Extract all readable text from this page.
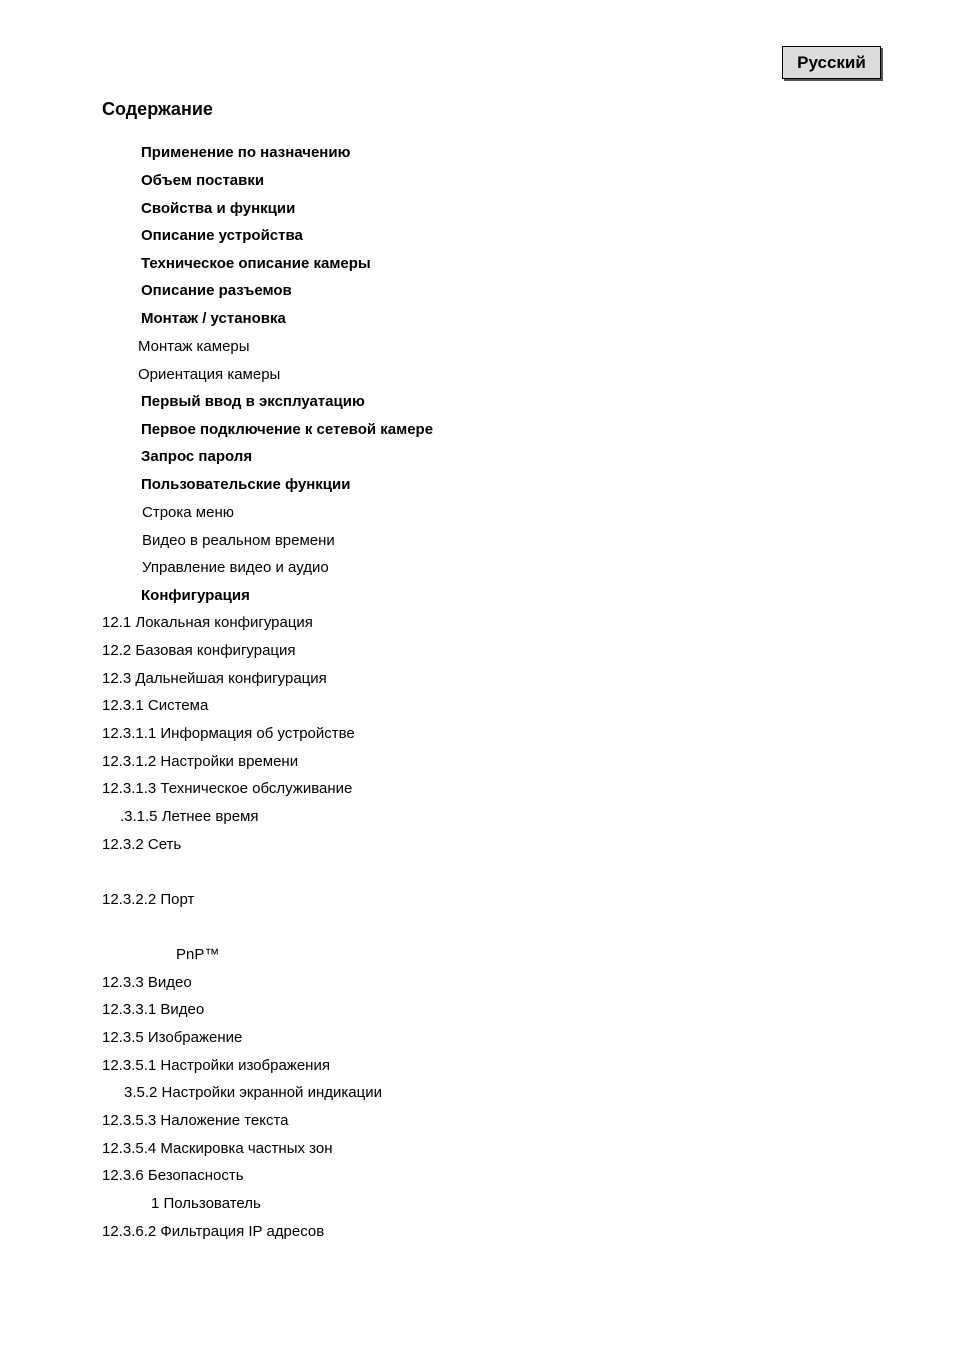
Русский
Содержание
Применение по назначению
Объем поставки
Свойства и функции
Описание устройства
Техническое описание камеры
Описание разъемов
Монтаж / установка
Монтаж камеры
Ориентация камеры
Первый ввод в эксплуатацию
Первое подключение к сетевой камере
Запрос пароля
Пользовательские функции
Строка меню
Видео в реальном времени
Управление видео и аудио
Конфигурация
12.1 Локальная конфигурация
12.2 Базовая конфигурация
12.3 Дальнейшая конфигурация
12.3.1 Система
12.3.1.1 Информация об устройстве
12.3.1.2 Настройки времени
12.3.1.3 Техническое обслуживание
.3.1.5 Летнее время
12.3.2 Сеть
12.3.2.2 Порт
PnP™
12.3.3 Видео
12.3.3.1 Видео
12.3.5 Изображение
12.3.5.1 Настройки изображения
3.5.2 Настройки экранной индикации
12.3.5.3 Наложение текста
12.3.5.4 Маскировка частных зон
12.3.6 Безопасность
1 Пользователь
12.3.6.2 Фильтрация IP адресов
